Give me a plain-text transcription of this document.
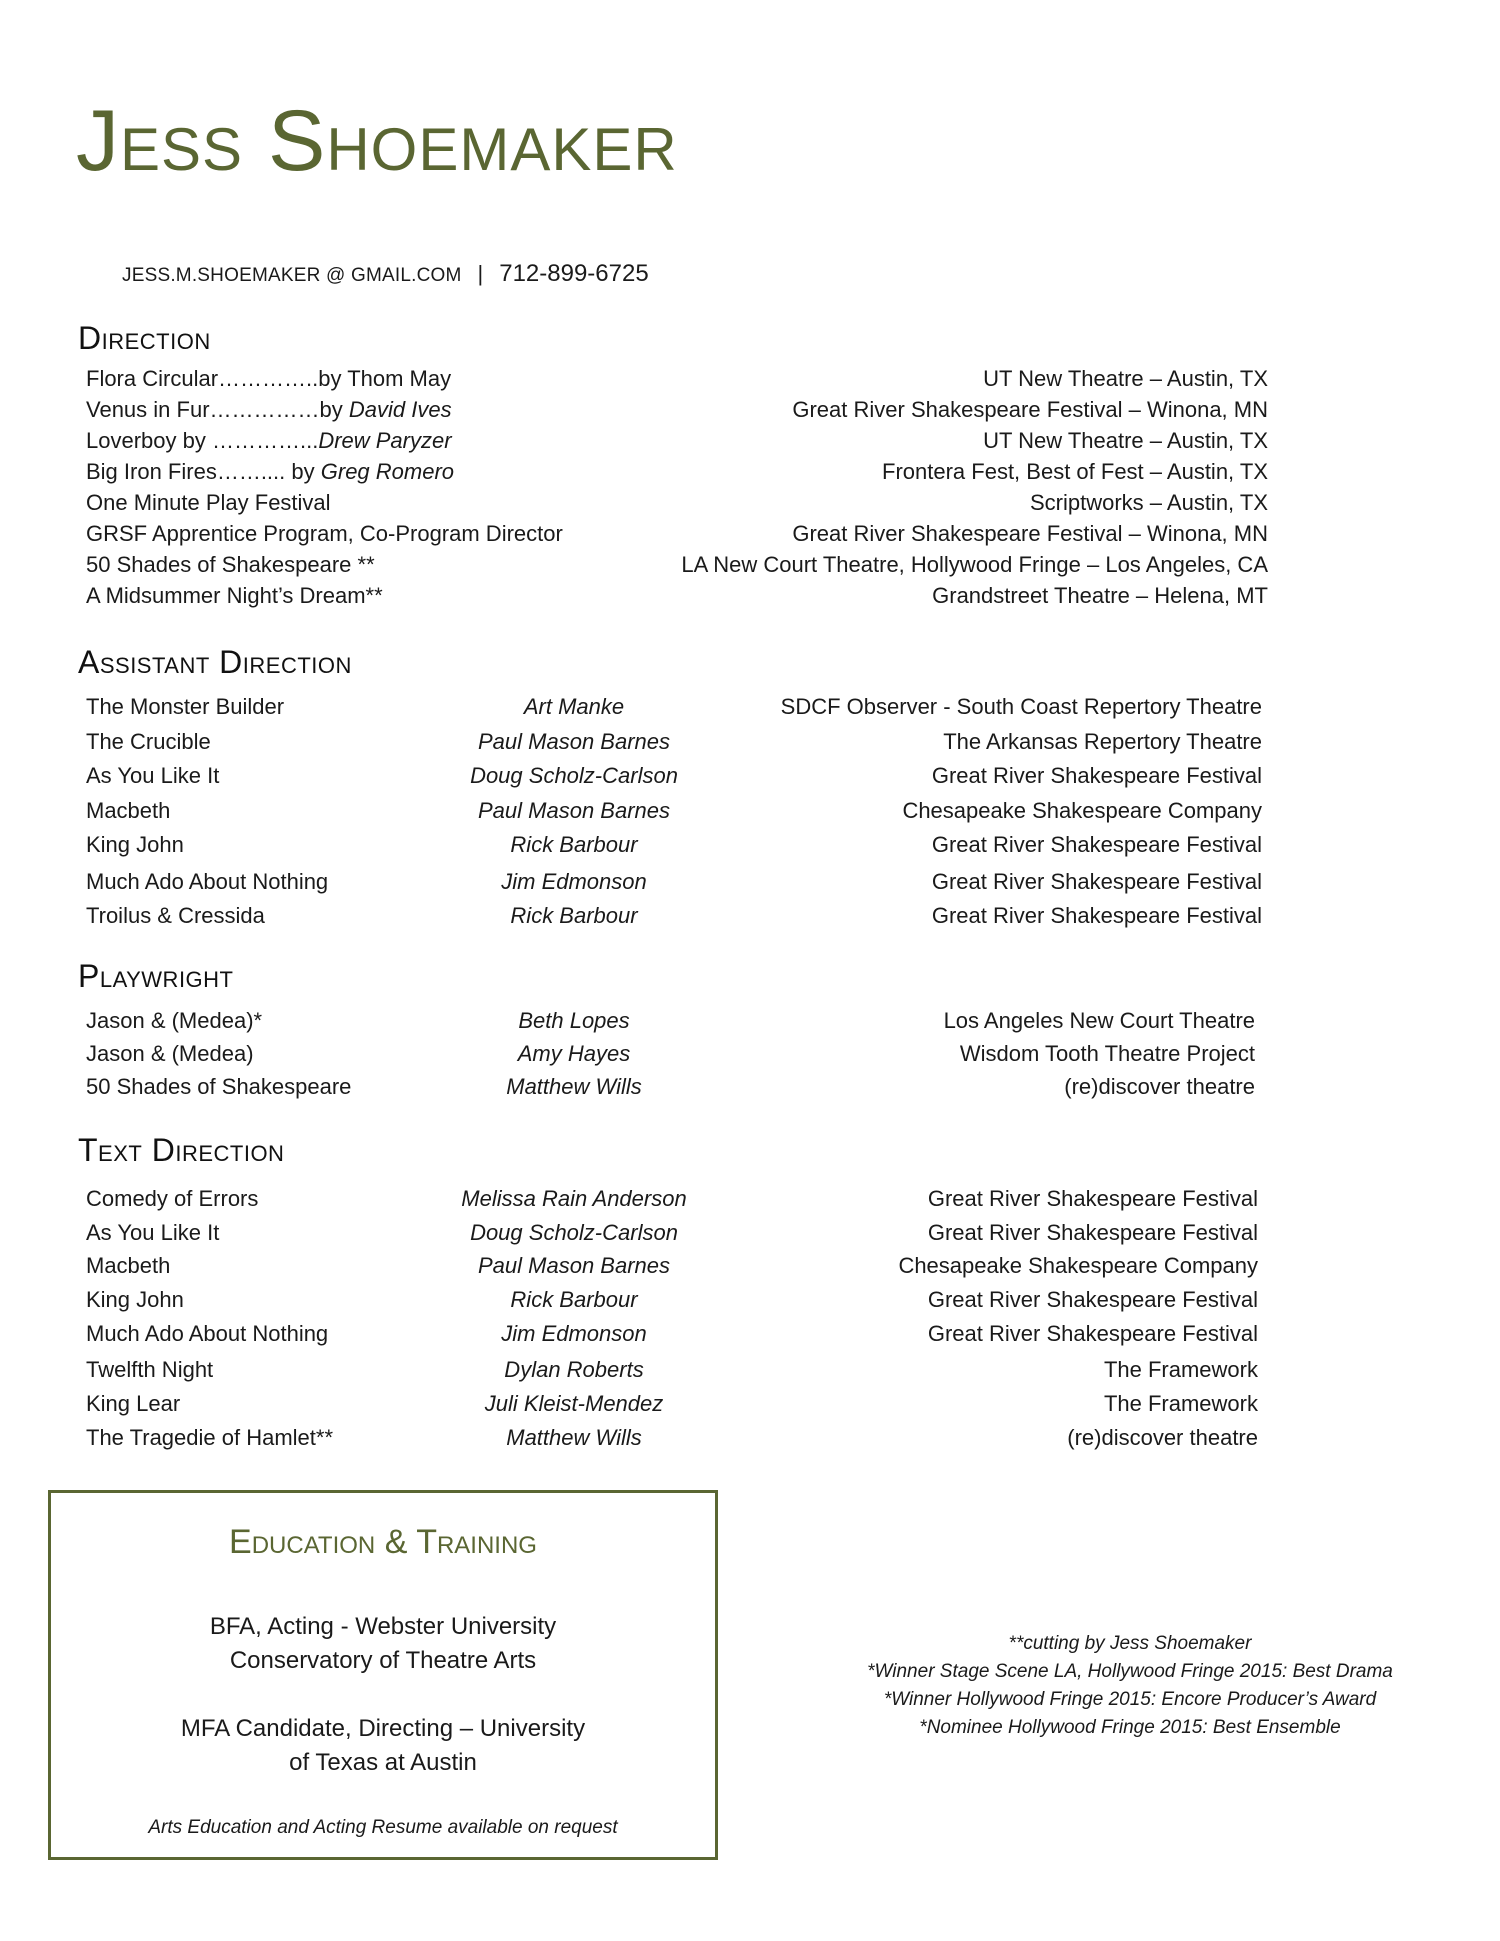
Jess Shoemaker
JESS.M.SHOEMAKER @ GMAIL.COM | 712-899-6725
Direction
Flora Circular…………..by Thom May	UT New Theatre – Austin, TX
Venus in Fur……………by David Ives	Great River Shakespeare Festival – Winona, MN
Loverboy by …………...Drew Paryzer	UT New Theatre – Austin, TX
Big Iron Fires…….... by Greg Romero	Frontera Fest, Best of Fest – Austin, TX
One Minute Play Festival	Scriptworks – Austin, TX
GRSF Apprentice Program, Co-Program Director	Great River Shakespeare Festival – Winona, MN
50 Shades of Shakespeare **	LA New Court Theatre, Hollywood Fringe – Los Angeles, CA
A Midsummer Night’s Dream**	Grandstreet Theatre – Helena, MT
Assistant Direction
The Monster Builder	Art Manke	SDCF Observer - South Coast Repertory Theatre
The Crucible	Paul Mason Barnes	The Arkansas Repertory Theatre
As You Like It	Doug Scholz-Carlson	Great River Shakespeare Festival
Macbeth	Paul Mason Barnes	Chesapeake Shakespeare Company
King John	Rick Barbour	Great River Shakespeare Festival
Much Ado About Nothing	Jim Edmonson	Great River Shakespeare Festival
Troilus & Cressida	Rick Barbour	Great River Shakespeare Festival
Playwright
Jason & (Medea)*	Beth Lopes	Los Angeles New Court Theatre
Jason & (Medea)	Amy Hayes	Wisdom Tooth Theatre Project
50 Shades of Shakespeare	Matthew Wills	(re)discover theatre
Text Direction
Comedy of Errors	Melissa Rain Anderson	Great River Shakespeare Festival
As You Like It	Doug Scholz-Carlson	Great River Shakespeare Festival
Macbeth	Paul Mason Barnes	Chesapeake Shakespeare Company
King John	Rick Barbour	Great River Shakespeare Festival
Much Ado About Nothing	Jim Edmonson	Great River Shakespeare Festival
Twelfth Night	Dylan Roberts	The Framework
King Lear	Juli Kleist-Mendez	The Framework
The Tragedie of Hamlet**	Matthew Wills	(re)discover theatre
Education & Training
BFA, Acting - Webster University
Conservatory of Theatre Arts
MFA Candidate, Directing – University
of Texas at Austin
Arts Education and Acting Resume available on request
**cutting by Jess Shoemaker
*Winner Stage Scene LA, Hollywood Fringe 2015: Best Drama
*Winner Hollywood Fringe 2015: Encore Producer’s Award
*Nominee Hollywood Fringe 2015: Best Ensemble
